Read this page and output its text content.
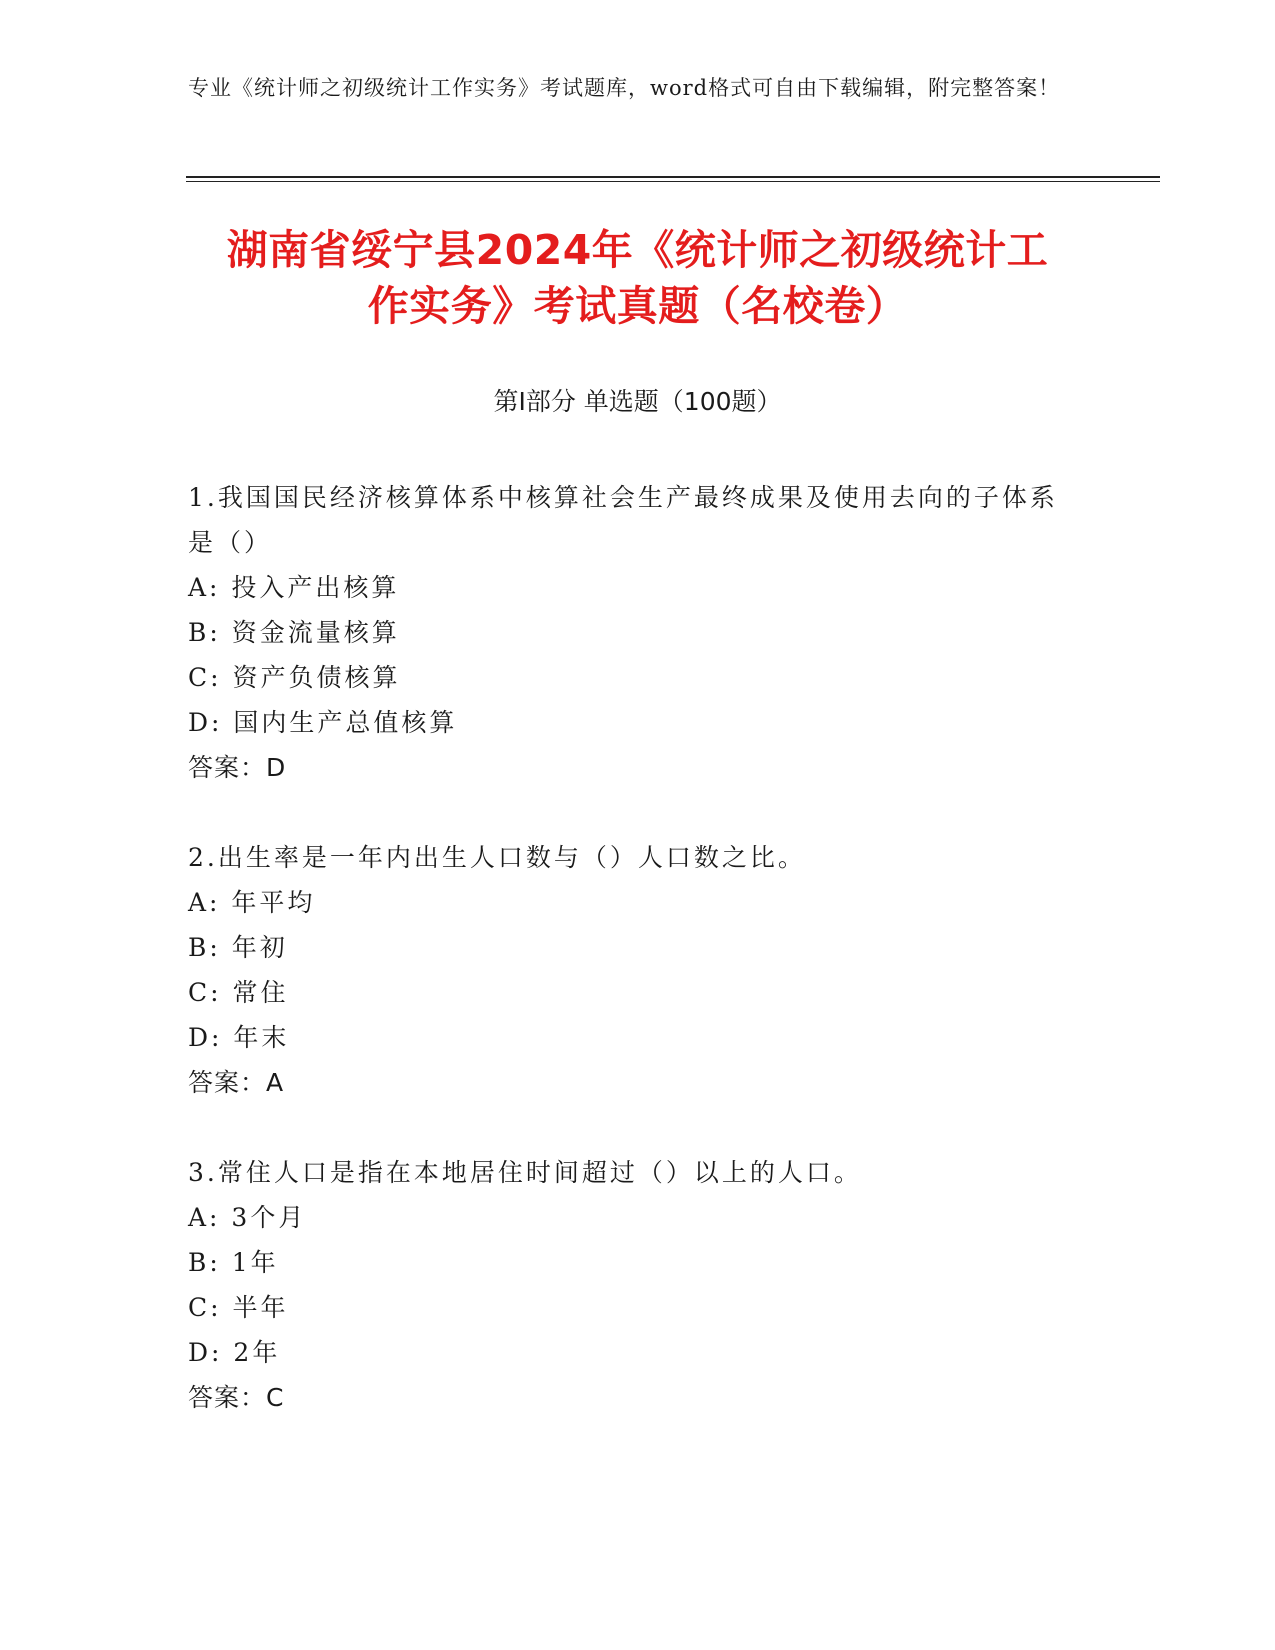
专业《统计师之初级统计工作实务》考试题库，word格式可自由下载编辑，附完整答案！

湖南省绥宁县2024年《统计师之初级统计工
作实务》考试真题（名校卷）
第I部分 单选题（100题）

1.我国国民经济核算体系中核算社会生产最终成果及使用去向的子体系是（）

A: 投入产出核算

B: 资金流量核算

C: 资产负债核算

D: 国内生产总值核算

答案：D

2.出生率是一年内出生人口数与（）人口数之比。

A: 年平均

B: 年初

C: 常住

D: 年末

答案：A

3.常住人口是指在本地居住时间超过（）以上的人口。

A: 3个月

B: 1年

C: 半年

D: 2年

答案：C
